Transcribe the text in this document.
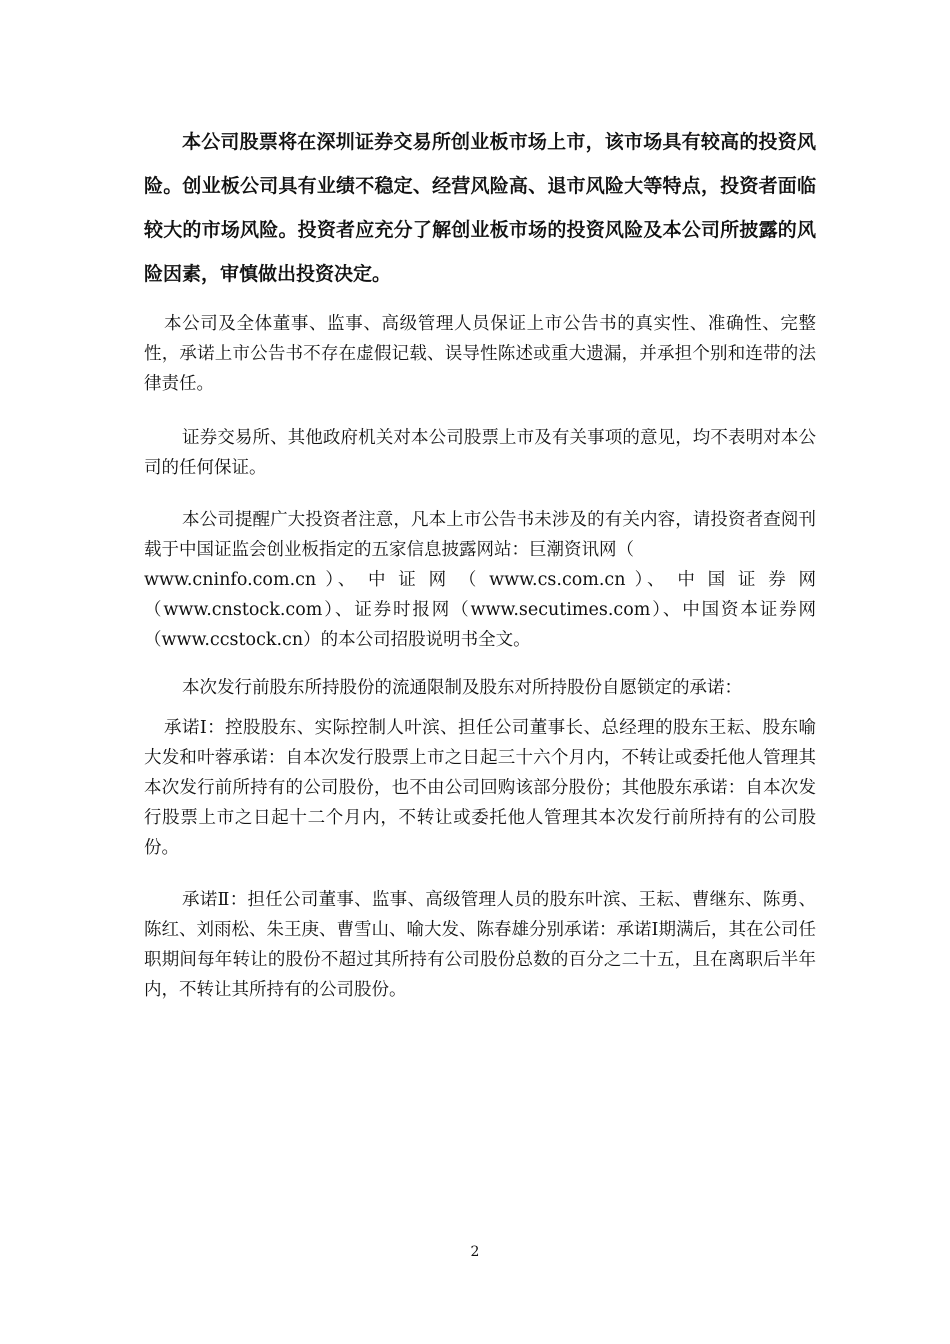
本公司股票将在深圳证券交易所创业板市场上市，该市场具有较高的投资风险。创业板公司具有业绩不稳定、经营风险高、退市风险大等特点，投资者面临较大的市场风险。投资者应充分了解创业板市场的投资风险及本公司所披露的风险因素，审慎做出投资决定。

本公司及全体董事、监事、高级管理人员保证上市公告书的真实性、准确性、完整性，承诺上市公告书不存在虚假记载、误导性陈述或重大遗漏，并承担个别和连带的法律责任。

证券交易所、其他政府机关对本公司股票上市及有关事项的意见，均不表明对本公司的任何保证。

本公司提醒广大投资者注意，凡本上市公告书未涉及的有关内容，请投资者查阅刊载于中国证监会创业板指定的五家信息披露网站：巨潮资讯网（
www.cninfo.com.cn ）、 中 证 网 （ www.cs.com.cn ）、 中 国 证 券 网
（www.cnstock.com）、证券时报网（www.secutimes.com）、中国资本证券网（www.ccstock.cn）的本公司招股说明书全文。

本次发行前股东所持股份的流通限制及股东对所持股份自愿锁定的承诺：

承诺Ⅰ：控股股东、实际控制人叶滨、担任公司董事长、总经理的股东王耘、股东喻大发和叶蓉承诺：自本次发行股票上市之日起三十六个月内，不转让或委托他人管理其本次发行前所持有的公司股份，也不由公司回购该部分股份；其他股东承诺：自本次发行股票上市之日起十二个月内，不转让或委托他人管理其本次发行前所持有的公司股份。

承诺Ⅱ：担任公司董事、监事、高级管理人员的股东叶滨、王耘、曹继东、陈勇、陈红、刘雨松、朱王庚、曹雪山、喻大发、陈春雄分别承诺：承诺Ⅰ期满后，其在公司任职期间每年转让的股份不超过其所持有公司股份总数的百分之二十五，且在离职后半年内，不转让其所持有的公司股份。

2
